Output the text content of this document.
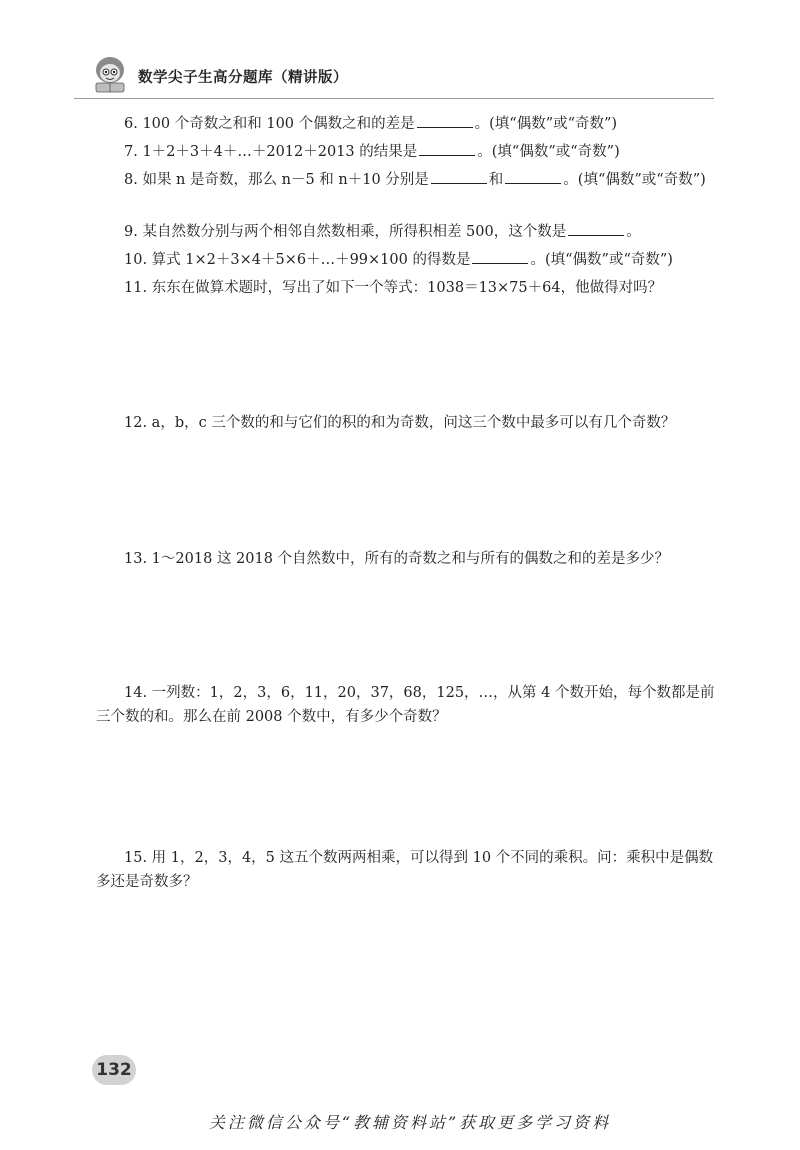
数学尖子生高分题库（精讲版）
6. 100 个奇数之和和 100 个偶数之和的差是	。(填“偶数”或“奇数”)
7. 1＋2＋3＋4＋…＋2012＋2013 的结果是	。(填“偶数”或“奇数”)
8. 如果 n 是奇数，那么 n－5 和 n＋10 分别是	和	。(填“偶数”或“奇数”)
9. 某自然数分别与两个相邻自然数相乘，所得积相差 500，这个数是	。
10. 算式 1×2＋3×4＋5×6＋…＋99×100 的得数是	。(填“偶数”或“奇数”)
11. 东东在做算术题时，写出了如下一个等式：1038＝13×75＋64，他做得对吗？
12. a，b，c 三个数的和与它们的积的和为奇数，问这三个数中最多可以有几个奇数？
13. 1～2018 这 2018 个自然数中，所有的奇数之和与所有的偶数之和的差是多少？
14. 一列数：1，2，3，6，11，20，37，68，125，…，从第 4 个数开始，每个数都是前三个数的和。那么在前 2008 个数中，有多少个奇数？
15. 用 1，2，3，4，5 这五个数两两相乘，可以得到 10 个不同的乘积。问：乘积中是偶数多还是奇数多？
132
关注微信公众号“教辅资料站”获取更多学习资料
